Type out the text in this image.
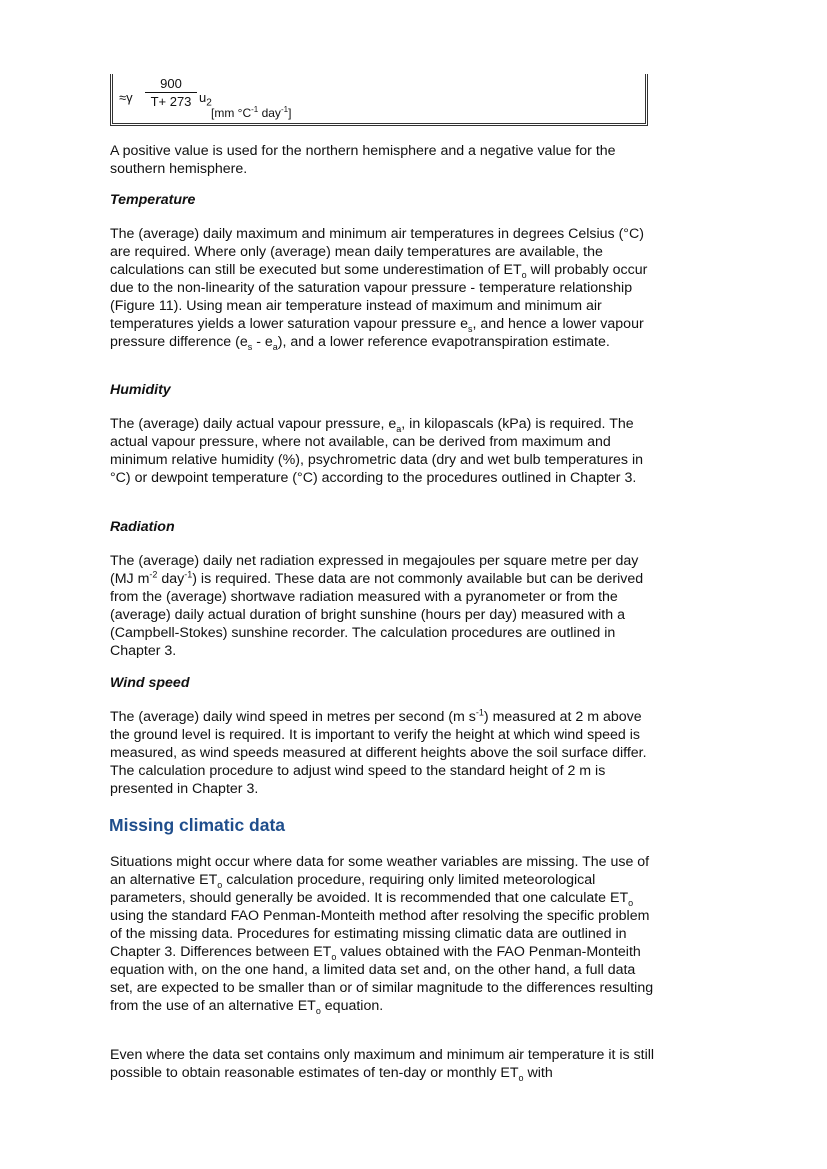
≈γ
900
T+ 273 $u_2$
[mm $^\circ C^{-1}$ day$^{-1}$]

A positive value is used for the northern hemisphere and a negative value for the southern hemisphere.

Temperature

The (average) daily maximum and minimum air temperatures in degrees Celsius (°C) are required. Where only (average) mean daily temperatures are available, the calculations can still be executed but some underestimation of $ET_o$ will probably occur due to the non-linearity of the saturation vapour pressure - temperature relationship (Figure 11). Using mean air temperature instead of maximum and minimum air temperatures yields a lower saturation vapour pressure $e_s$, and hence a lower vapour pressure difference $(e_s - e_a)$, and a lower reference evapotranspiration estimate.

Humidity

The (average) daily actual vapour pressure, $e_a$, in kilopascals (kPa) is required. The actual vapour pressure, where not available, can be derived from maximum and minimum relative humidity (%), psychrometric data (dry and wet bulb temperatures in °C) or dewpoint temperature (°C) according to the procedures outlined in Chapter 3.

Radiation

The (average) daily net radiation expressed in megajoules per square metre per day (MJ $m^{-2}$ day$^{-1}$) is required. These data are not commonly available but can be derived from the (average) shortwave radiation measured with a pyranometer or from the (average) daily actual duration of bright sunshine (hours per day) measured with a (Campbell-Stokes) sunshine recorder. The calculation procedures are outlined in Chapter 3.

Wind speed

The (average) daily wind speed in metres per second (m $s^{-1}$) measured at 2 m above the ground level is required. It is important to verify the height at which wind speed is measured, as wind speeds measured at different heights above the soil surface differ. The calculation procedure to adjust wind speed to the standard height of 2 m is presented in Chapter 3.

Missing climatic data

Situations might occur where data for some weather variables are missing. The use of an alternative $ET_o$ calculation procedure, requiring only limited meteorological parameters, should generally be avoided. It is recommended that one calculate $ET_o$ using the standard FAO Penman-Monteith method after resolving the specific problem of the missing data. Procedures for estimating missing climatic data are outlined in Chapter 3. Differences between $ET_o$ values obtained with the FAO Penman-Monteith equation with, on the one hand, a limited data set and, on the other hand, a full data set, are expected to be smaller than or of similar magnitude to the differences resulting from the use of an alternative $ET_o$ equation.

Even where the data set contains only maximum and minimum air temperature it is still possible to obtain reasonable estimates of ten-day or monthly $ET_o$ with
